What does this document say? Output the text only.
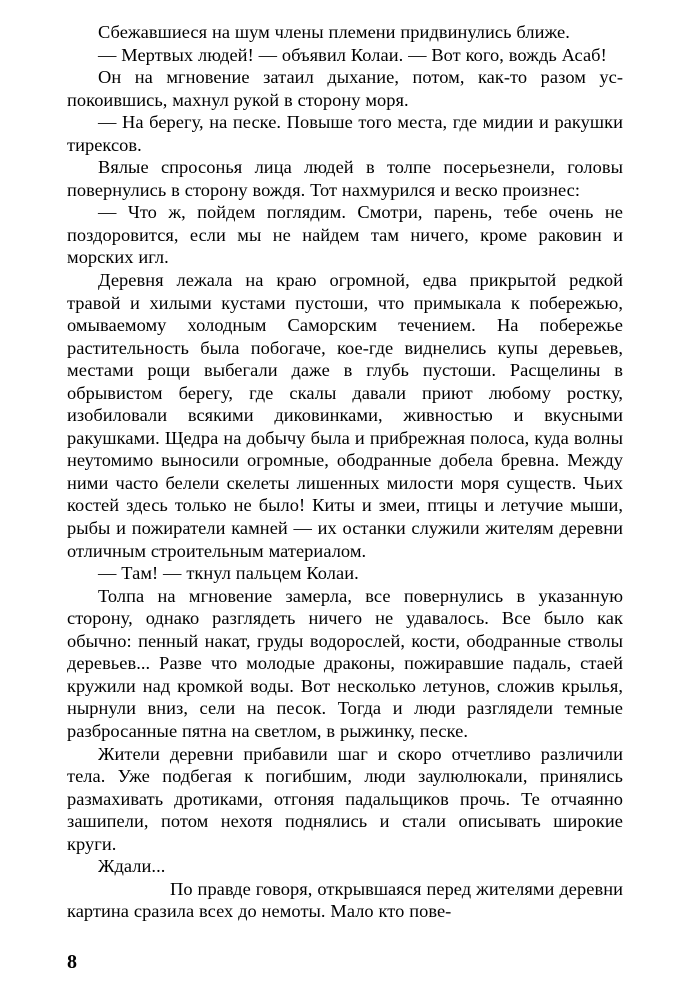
Сбежавшиеся на шум члены племени придвинулись ближе.

— Мертвых людей! — объявил Колаи. — Вот кого, вождь Асаб!

Он на мгновение затаил дыхание, потом, как-то разом успокоившись, махнул рукой в сторону моря.

— На берегу, на песке. Повыше того места, где мидии и ракушки тирексов.

Вялые спросонья лица людей в толпе посерьезнели, головы повернулись в сторону вождя. Тот нахмурился и веско произнес:

— Что ж, пойдем поглядим. Смотри, парень, тебе очень не поздоровится, если мы не найдем там ничего, кроме раковин и морских игл.

Деревня лежала на краю огромной, едва прикрытой редкой травой и хилыми кустами пустоши, что примыкала к побережью, омываемому холодным Саморским течением. На побережье растительность была побогаче, кое-где виднелись купы деревьев, местами рощи выбегали даже в глубь пустоши. Расщелины в обрывистом берегу, где скалы давали приют любому ростку, изобиловали всякими диковинками, живностью и вкусными ракушками. Щедра на добычу была и прибрежная полоса, куда волны неутомимо выносили огромные, ободранные добела бревна. Между ними часто белели скелеты лишенных милости моря существ. Чьих костей здесь только не было! Киты и змеи, птицы и летучие мыши, рыбы и пожиратели камней — их останки служили жителям деревни отличным строительным материалом.

— Там! — ткнул пальцем Колаи.

Толпа на мгновение замерла, все повернулись в указанную сторону, однако разглядеть ничего не удавалось. Все было как обычно: пенный накат, груды водорослей, кости, ободранные стволы деревьев... Разве что молодые драконы, пожиравшие падаль, стаей кружили над кромкой воды. Вот несколько летунов, сложив крылья, нырнули вниз, сели на песок. Тогда и люди разглядели темные разбросанные пятна на светлом, в рыжинку, песке.

Жители деревни прибавили шаг и скоро отчетливо различили тела. Уже подбегая к погибшим, люди заулюлюкали, принялись размахивать дротиками, отгоняя падальщиков прочь. Те отчаянно зашипели, потом нехотя поднялись и стали описывать широкие круги.

Ждали...

По правде говоря, открывшаяся перед жителями деревни картина сразила всех до немоты. Мало кто пове-

8
